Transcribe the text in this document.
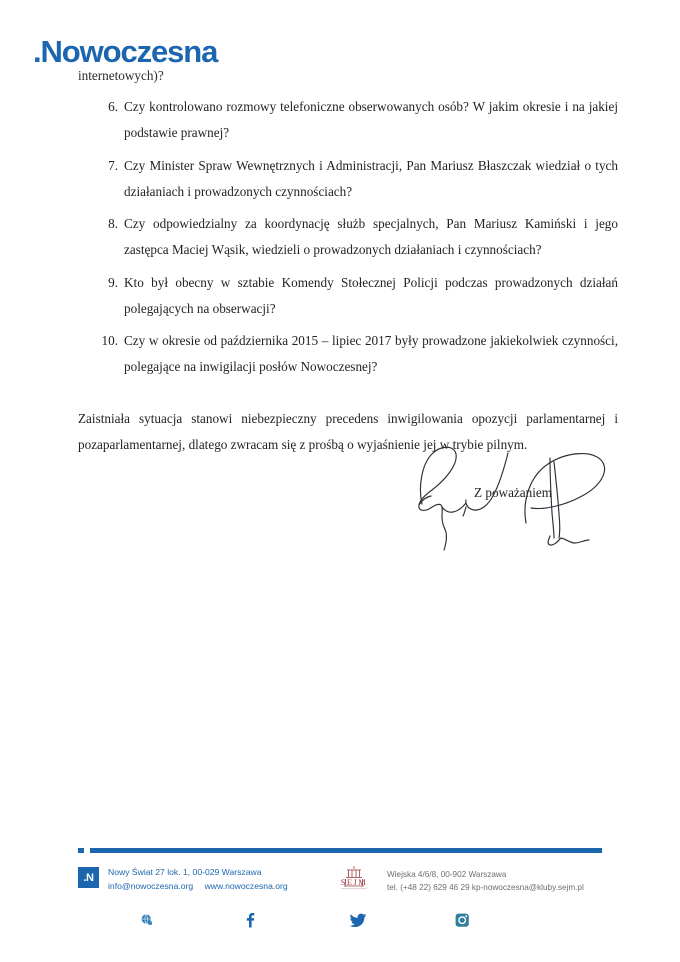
.Nowoczesna

internetowych)?

6. Czy kontrolowano rozmowy telefoniczne obserwowanych osób? W jakim okresie i na jakiej podstawie prawnej?
7. Czy Minister Spraw Wewnętrznych i Administracji, Pan Mariusz Błaszczak wiedział o tych działaniach i prowadzonych czynnościach?
8. Czy odpowiedzialny za koordynację służb specjalnych, Pan Mariusz Kamiński i jego zastępca Maciej Wąsik, wiedzieli o prowadzonych działaniach i czynnościach?
9. Kto był obecny w sztabie Komendy Stołecznej Policji podczas prowadzonych działań polegających na obserwacji?
10. Czy w okresie od października 2015 – lipiec 2017 były prowadzone jakiekolwiek czynności, polegające na inwigilacji posłów Nowoczesnej?

Zaistniała sytuacja stanowi niebezpieczny precedens inwigilowania opozycji parlamentarnej i pozaparlamentarnej, dlatego zwracam się z prośbą o wyjaśnienie jej w trybie pilnym.

Z poważaniem

.N	Nowy Świat 27 lok. 1, 00-029 Warszawa
info@nowoczesna.org www.nowoczesna.org	SEJM
Wiejska 4/6/8, 00-902 Warszawa
tel. (+48 22) 629 46 29 kp-nowoczesna@kluby.sejm.pl
